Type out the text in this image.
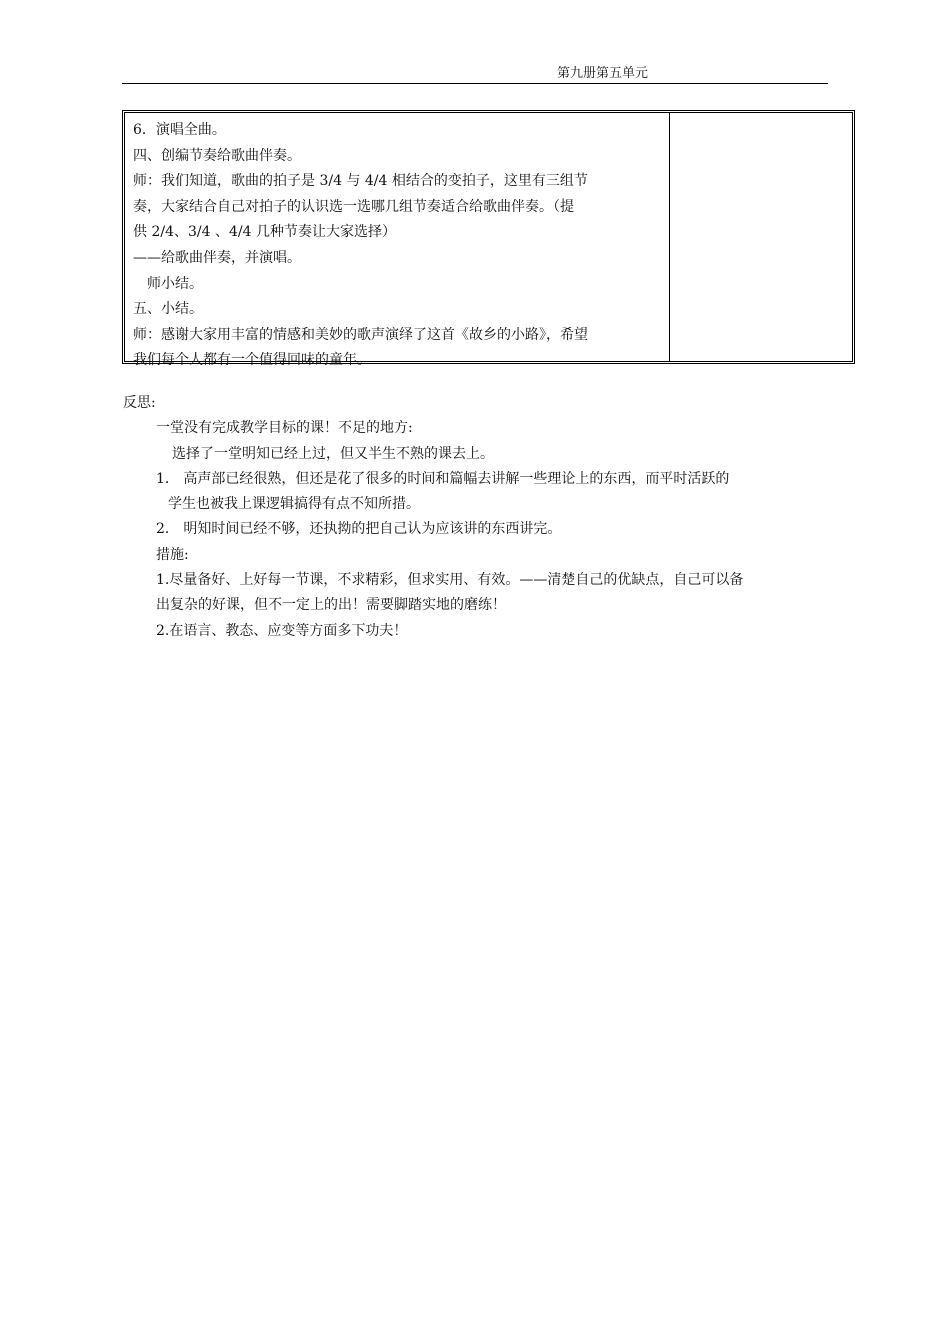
第九册第五单元
6．演唱全曲。
四、创编节奏给歌曲伴奏。
师：我们知道，歌曲的拍子是 3/4 与 4/4 相结合的变拍子，这里有三组节
奏，大家结合自己对拍子的认识选一选哪几组节奏适合给歌曲伴奏。（提
供 2/4、3/4 、4/4 几种节奏让大家选择）
——给歌曲伴奏，并演唱。
师小结。
五、小结。
师：感谢大家用丰富的情感和美妙的歌声演绎了这首《故乡的小路》，希望
我们每个人都有一个值得回味的童年。
反思:
一堂没有完成教学目标的课！不足的地方:
选择了一堂明知已经上过，但又半生不熟的课去上。
1． 高声部已经很熟，但还是花了很多的时间和篇幅去讲解一些理论上的东西，而平时活跃的
学生也被我上课逻辑搞得有点不知所措。
2． 明知时间已经不够，还执拗的把自己认为应该讲的东西讲完。
措施:
1.尽量备好、上好每一节课，不求精彩，但求实用、有效。——清楚自己的优缺点，自己可以备
出复杂的好课，但不一定上的出！需要脚踏实地的磨练！
2.在语言、教态、应变等方面多下功夫！
